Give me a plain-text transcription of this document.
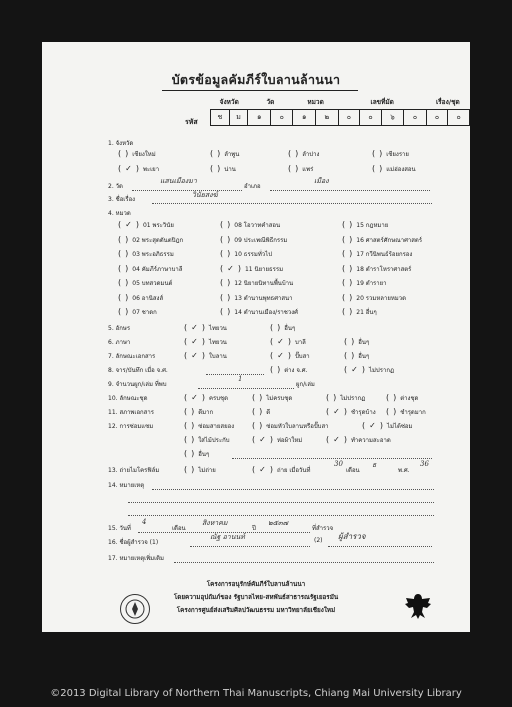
บัตรข้อมูลคัมภีร์ใบลานล้านนา
จังหวัด		วัด		หมวด		เลขที่มัด				เรื่อง/ชุด	
ช	ม	๑	๐	๑	๒	๐	๐	๖	๐	๐	๐
รหัส
1. จังหวัด
()เชียงใหม่	()ลำพูน	()ลำปาง	()เชียงราย
(✓)พะเยา	()น่าน	()แพร่	()แม่ฮ่องสอน
2. วัด
แสนเมืองมา
อำเภอ
เมือง
3. ชื่อเรื่อง
วินัยสงฆ์
4. หมวด
(✓)01 พระวินัย	()08 โอวาทคำสอน	()15 กฎหมาย
()02 พระสุตตันตปิฎก	()09 ประเพณีพิธีกรรม	()16 ศาสตร์ศักษณาศาสตร์
()03 พระอภิธรรม	()10 ธรรมทั่วไป	()17 กวีนิพนธ์ร้อยกรอง
()04 คัมภีร์ภาษาบาลี	(✓)11 นิยายธรรม	()18 ตำราโหราศาสตร์
()05 บทสวดมนต์	()12 นิยายนิทานพื้นบ้าน	()19 ตำรายา
()06 อานิสงส์	()13 ตำนานพุทธศาสนา	()20 รวมหลายหมวด
()07 ชาดก	()14 ตำนานเมือง/ราชวงศ์	()21 อื่นๆ
5. อักษร	(✓)ไทยวน	()อื่นๆ
6. ภาษา	(✓)ไทยวน	(✓)บาลี	()อื่นๆ
7. ลักษณะเอกสาร	(✓)ใบลาน	(✓)ปั๊บสา	()อื่นๆ
8. จาร/บันทึก เมื่อ จ.ศ.	()ต่าง จ.ศ.	(✓)ไม่ปรากฏ
9. จำนวนผูก/เล่ม ที่พบ
1
ผูก/เล่ม
10. ลักษณะชุด	(✓)ครบชุด	()ไม่ครบชุด	()ไม่ปรากฏ	()ต่างชุด
11. สภาพเอกสาร	()ดีมาก	()ดี	(✓)ชำรุดบ้าง ()ชำรุดมาก
12. การซ่อมแซม	()ซ่อมสายสยอง ()ซ่อมหัวใบลานหรือปั๊บสา	(✓)ไม่ได้ซ่อม
()ใส่ไม้ประกับ	(✓)ห่อผ้าใหม่	(✓)ทำความสะอาด
()อื่นๆ
13. ถ่ายไมโครฟิล์ม	()ไม่ถ่าย	(✓)ถ่าย เมื่อวันที่
30
เดือน
ธ
พ.ศ.
36
14. หมายเหตุ
15. วันที่
4
เดือน
สิงหาคม
ปี
๒๕๓๗
ที่สำรวจ
16. ชื่อผู้สำรวจ (1)
ณัฐ อานนท์	(2) ผู้สำรวจ
17. หมายเหตุเพิ่มเติม
โครงการอนุรักษ์คัมภีร์ใบลานล้านนา
โดยความอุปถัมภ์ของ รัฐบาลไทย-สหพันธ์สาธารณรัฐเยอรมัน
โครงการศูนย์ส่งเสริมศิลปวัฒนธรรม มหาวิทยาลัยเชียงใหม่
©2013 Digital Library of Northern Thai Manuscripts, Chiang Mai University Library
